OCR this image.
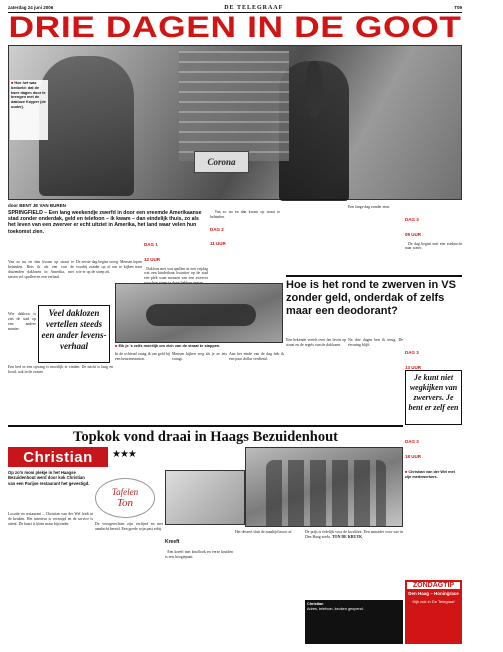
zaterdag 24 juni 2006	DE TELEGRAAF	T09
DRIE DAGEN IN DE GOOT
Corona
■ Hoe het was bedoeld: dat de twee dagen door te brengen met de dakloze Kuyper (de ouder).
door BENT JE VAN BUREN
SPRINGFIELD – Een lang weekendje zwerfd in door een vreemde Amerikaanse stad zonder onderdak, geld en telefoon – ik kwam – dan eindelijk thuis, zo als het leven van een zwerver er echt uitziet in Amerika, het land waar velen hun toekomst zien.
Van zo nu en dan kwam op straat te belanden. Reis ik als een van de duizenden daklozen in Amerika, met tassen vol spullen en een verhaal.
De eerste dag begint vroeg. Mensen lopen voorbij zonder op of om te kijken naar wie er op de stoep zit.

DAG 1

12 UUR

Dakloos met wat spullen in een vrijdag wat een kinderhaar kwartier op de stad een plek waar mensen van een zwerver

Van zo nu en dan kwam op straat te belanden.

DAG 2

11 UUR

Hoe is het rond te zwerven in VS zonder geld, onderdak of zelfs maar een deodorant?
Veel daklozen vertellen steeds een ander levens-verhaal	■ Elk je 's zelfs moeilijk om zich van de straat te stappen.
Wie dakloos is ziet de stad op een andere manier.
Een bed in een opvang is moeilijk te vinden. De nacht is lang en koud, ook in de zomer.
In de ochtend vraag ik om geld bij een benzinestation.
Mensen kijken weg als je ze iets vraagt.
Aan het einde van de dag heb ik een paar dollar verdiend.
Een bekende vertelt over het leven op straat en de regels van de daklozen.
Na drie dagen ben ik terug. De ervaring blijft.
Een lange dag zonder eten.

DAG 3

09 UUR

De dag begint met een zoektocht naar water.

DAG 3

13 UUR

Je kunt niet wegkijken van zwervers. Je bent er zelf een

DAG 3

18 UUR

Topkok vond draai in Haags Bezuidenhout
Christian	★★★
Tafelen
Ton
Op zo'n mooi plekje in het Haagse Bezuidenhout werd door kok Christian van een Parijse restaurant het gevestigd.
Locatie en restaurant – Christian van der Wel leidt in de keuken. Het interieur is verzorgd en de service is attent. De kaart is klein maar bijzonder.	De voorgerechten zijn verfijnd en met aandacht bereid. Een goede wijn past erbij.

Kreeft

Een kreeft met knoflook en verse kruiden is een hoogtepunt.

Het dessert sluit de maaltijd mooi af.
■ Christian van der Wel met zijn medewerkers.
De prijs is redelijk voor de kwaliteit. Een aanrader voor wie in Den Haag zoekt. TON DE KRUYK
Christian
Adres, telefoon, keuken geopend.
ZONDAGTIP
Den Haag – Honingrace
Kijk ook in De Telegraaf
